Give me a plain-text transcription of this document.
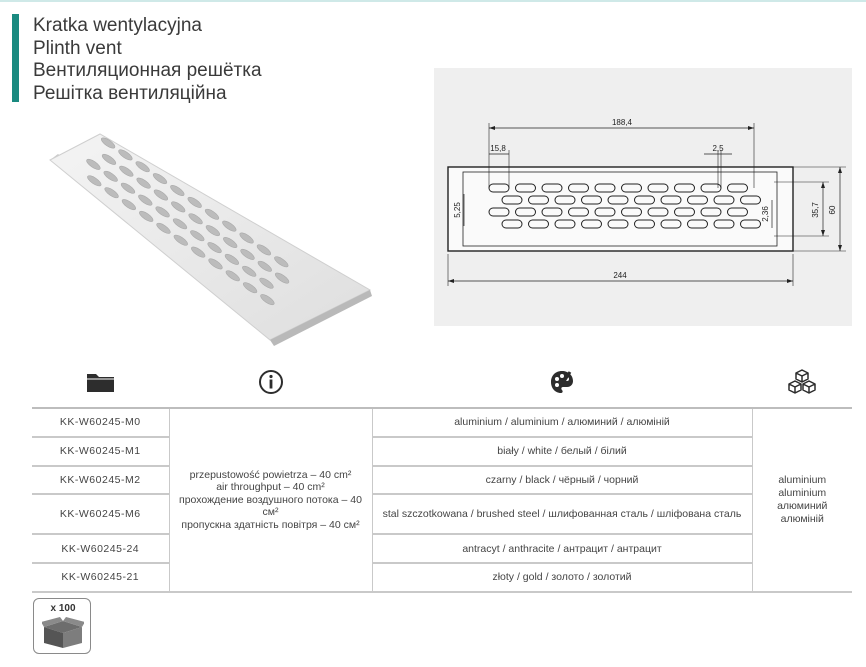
Kratka wentylacyjna
Plinth vent
Вентиляционная решётка
Решітка вентиляційна
188,4
15,8	2,5
5,25	2,36	35,7 60
244
KK-W60245-M0	przepustowość powietrza – 40 cm²
air throughput – 40 cm²
прохождение воздушного потока – 40 см²
пропускна здатність повітря – 40 см²	aluminium / aluminium / алюминий / алюміній	aluminium
aluminium
алюминий
алюміній

KK-W60245-M1		biały / white / белый / білий	
KK-W60245-M2		czarny / black / чёрный / чорний	
KK-W60245-M6		stal szczotkowana / brushed steel / шлифованная сталь / шліфована сталь	
KK-W60245-24		antracyt / anthracite / антрацит / антрацит	
KK-W60245-21		złoty / gold / золото / золотий	
x 100
